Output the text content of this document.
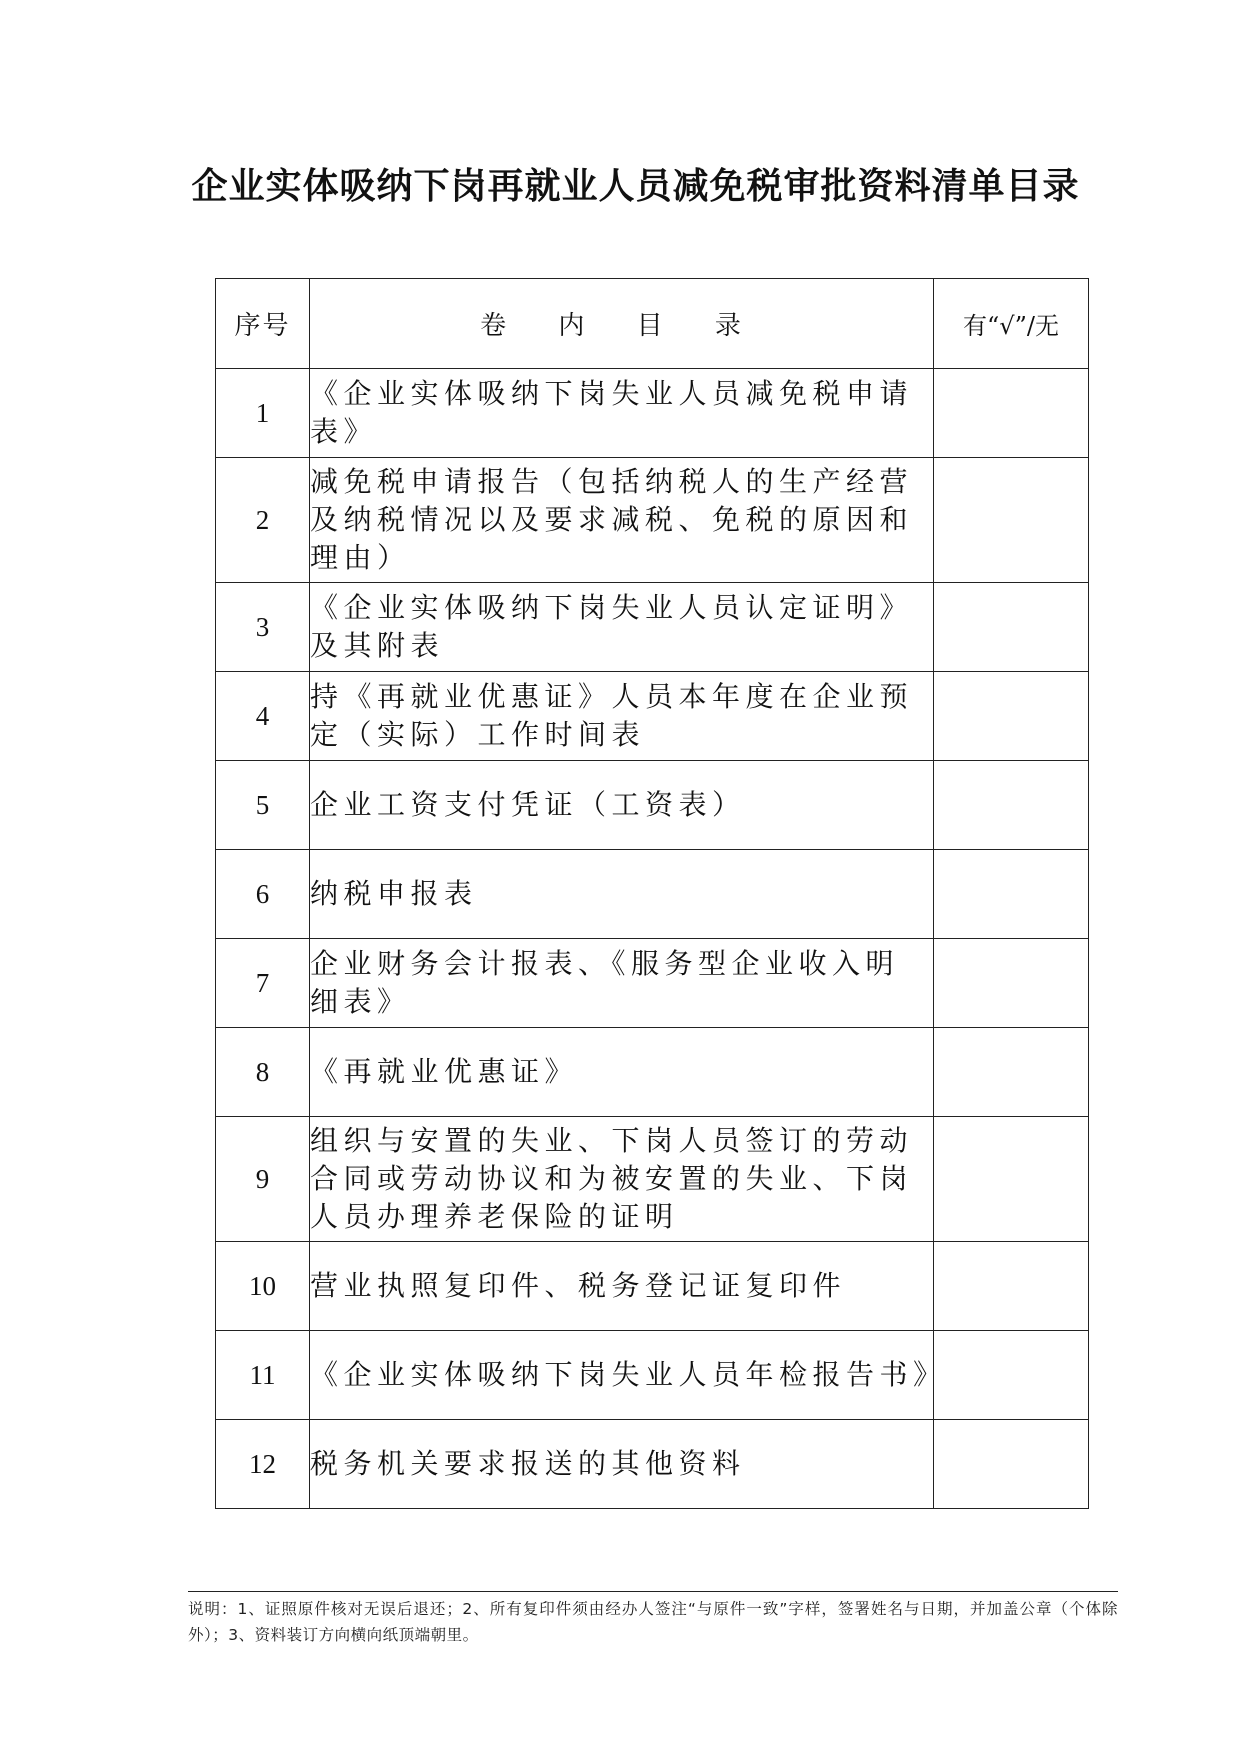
企业实体吸纳下岗再就业人员减免税审批资料清单目录
序号	卷 内 目 录	有“√”/无
1	《企业实体吸纳下岗失业人员减免税申请
表》	

2	减免税申请报告（包括纳税人的生产经营
及纳税情况以及要求减税、免税的原因和
理由）	

3	《企业实体吸纳下岗失业人员认定证明》
及其附表	

4	持《再就业优惠证》人员本年度在企业预
定（实际）工作时间表	

5	企业工资支付凭证（工资表）	

6	纳税申报表	

7	企业财务会计报表、《服务型企业收入明
细表》	

8	《再就业优惠证》	

9	组织与安置的失业、下岗人员签订的劳动
合同或劳动协议和为被安置的失业、下岗
人员办理养老保险的证明	

10	营业执照复印件、税务登记证复印件	

11	《企业实体吸纳下岗失业人员年检报告书》	

12	税务机关要求报送的其他资料	

说明：1、证照原件核对无误后退还；2、所有复印件须由经办人签注“与原件一致”字样，签署姓名与日期，并加盖公章（个体除外）；3、资料装订方向横向纸顶端朝里。
